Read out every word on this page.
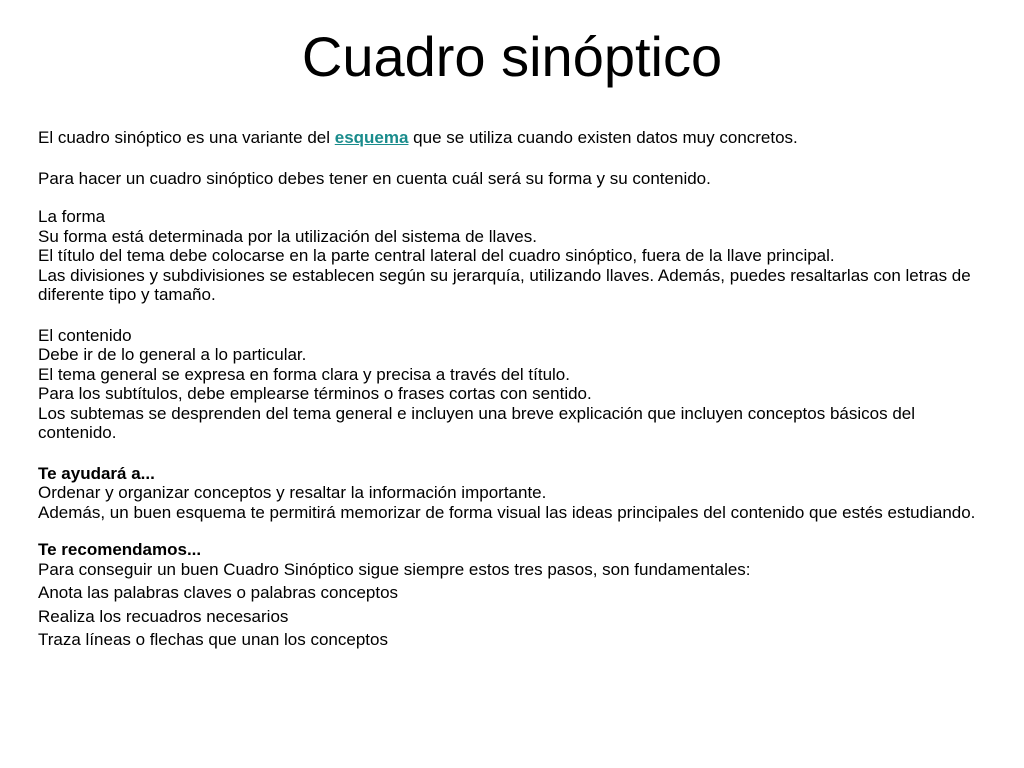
Cuadro sinóptico

El cuadro sinóptico es una variante del esquema que se utiliza cuando existen datos muy concretos.

Para hacer un cuadro sinóptico debes tener en cuenta cuál será su forma y su contenido.

La forma
Su forma está determinada por la utilización del sistema de llaves.
El título del tema debe colocarse en la parte central lateral del cuadro sinóptico, fuera de la llave principal.
Las divisiones y subdivisiones se establecen según su jerarquía, utilizando llaves. Además, puedes resaltarlas con letras de diferente tipo y tamaño.
El contenido
Debe ir de lo general a lo particular.
El tema general se expresa en forma clara y precisa a través del título.
Para los subtítulos, debe emplearse términos o frases cortas con sentido.
Los subtemas se desprenden del tema general e incluyen una breve explicación que incluyen conceptos básicos del contenido.
Te ayudará a...
Ordenar y organizar conceptos y resaltar la información importante.
Además, un buen esquema te permitirá memorizar de forma visual las ideas principales del contenido que estés estudiando.
Te recomendamos...
Para conseguir un buen Cuadro Sinóptico sigue siempre estos tres pasos, son fundamentales:
Anota las palabras claves o palabras conceptos
Realiza los recuadros necesarios
Traza líneas o flechas que unan los conceptos
